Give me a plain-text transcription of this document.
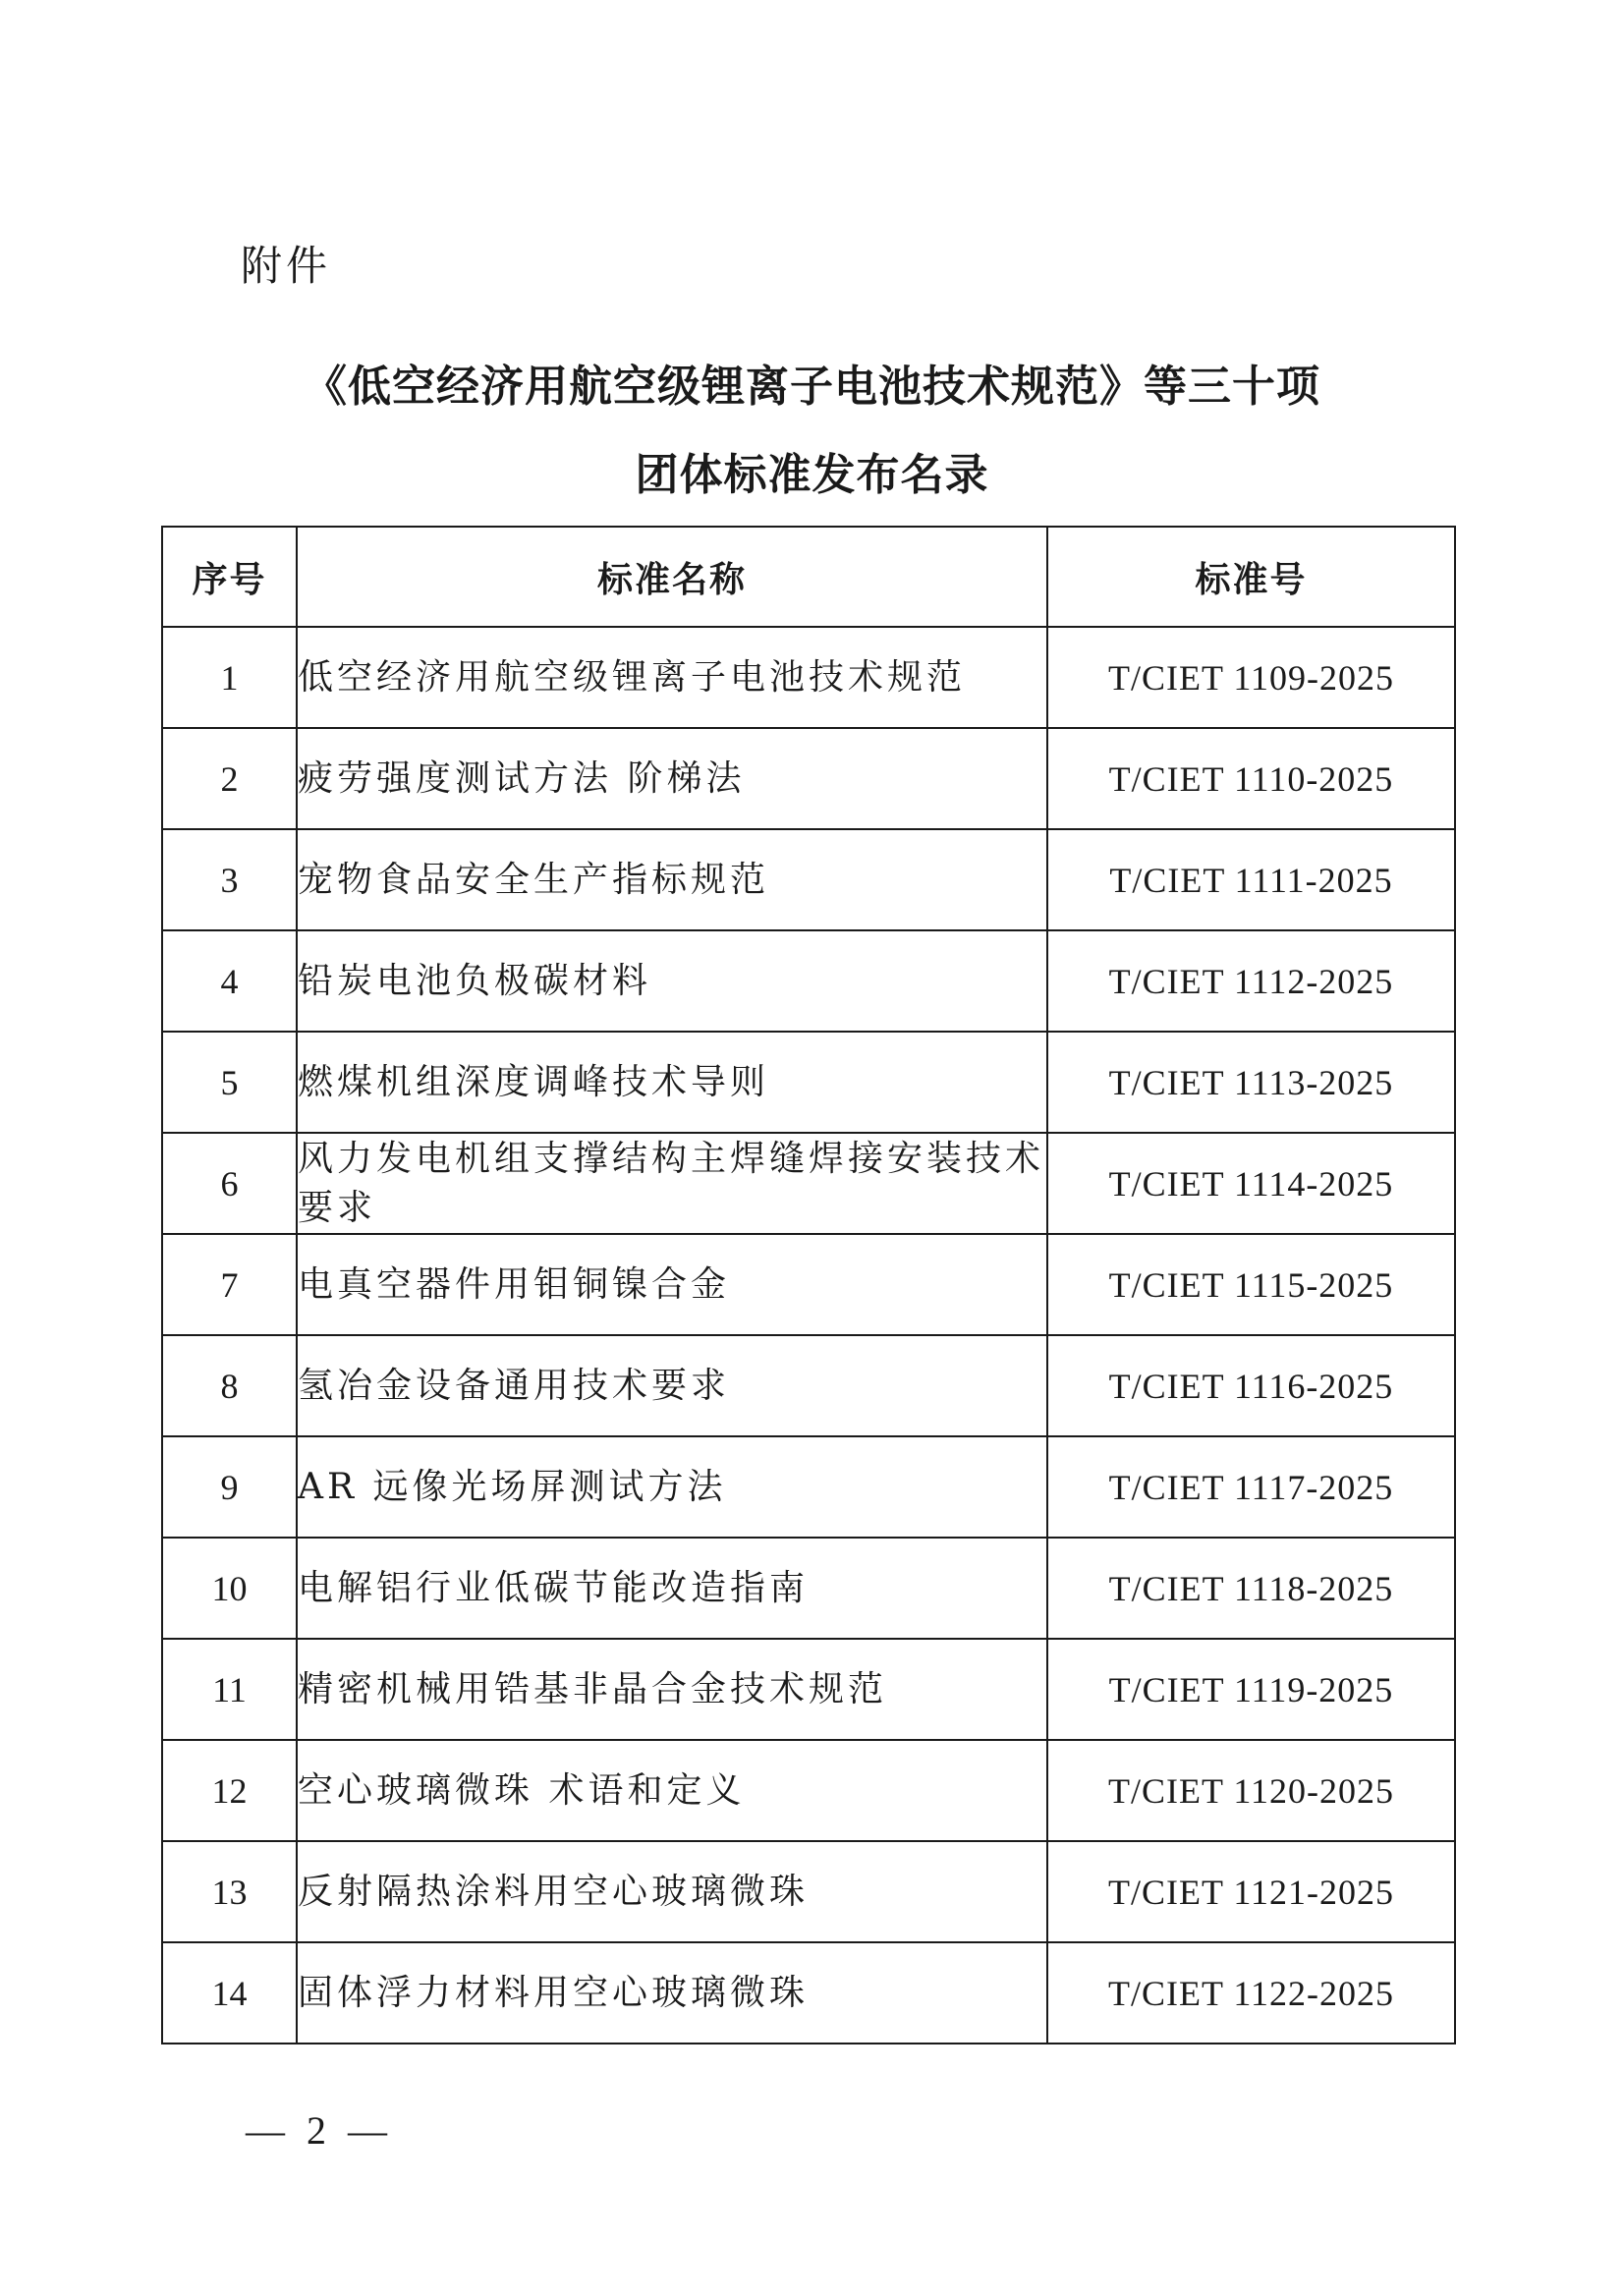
附件
《低空经济用航空级锂离子电池技术规范》等三十项
团体标准发布名录
序号	标准名称	标准号
1	低空经济用航空级锂离子电池技术规范	T/CIET 1109-2025
2	疲劳强度测试方法 阶梯法	T/CIET 1110-2025
3	宠物食品安全生产指标规范	T/CIET 1111-2025
4	铅炭电池负极碳材料	T/CIET 1112-2025
5	燃煤机组深度调峰技术导则	T/CIET 1113-2025
6	风力发电机组支撑结构主焊缝焊接安装技术要求	T/CIET 1114-2025
7	电真空器件用钼铜镍合金	T/CIET 1115-2025
8	氢冶金设备通用技术要求	T/CIET 1116-2025
9	AR 远像光场屏测试方法	T/CIET 1117-2025
10	电解铝行业低碳节能改造指南	T/CIET 1118-2025
11	精密机械用锆基非晶合金技术规范	T/CIET 1119-2025
12	空心玻璃微珠 术语和定义	T/CIET 1120-2025
13	反射隔热涂料用空心玻璃微珠	T/CIET 1121-2025
14	固体浮力材料用空心玻璃微珠	T/CIET 1122-2025
— 2 —
